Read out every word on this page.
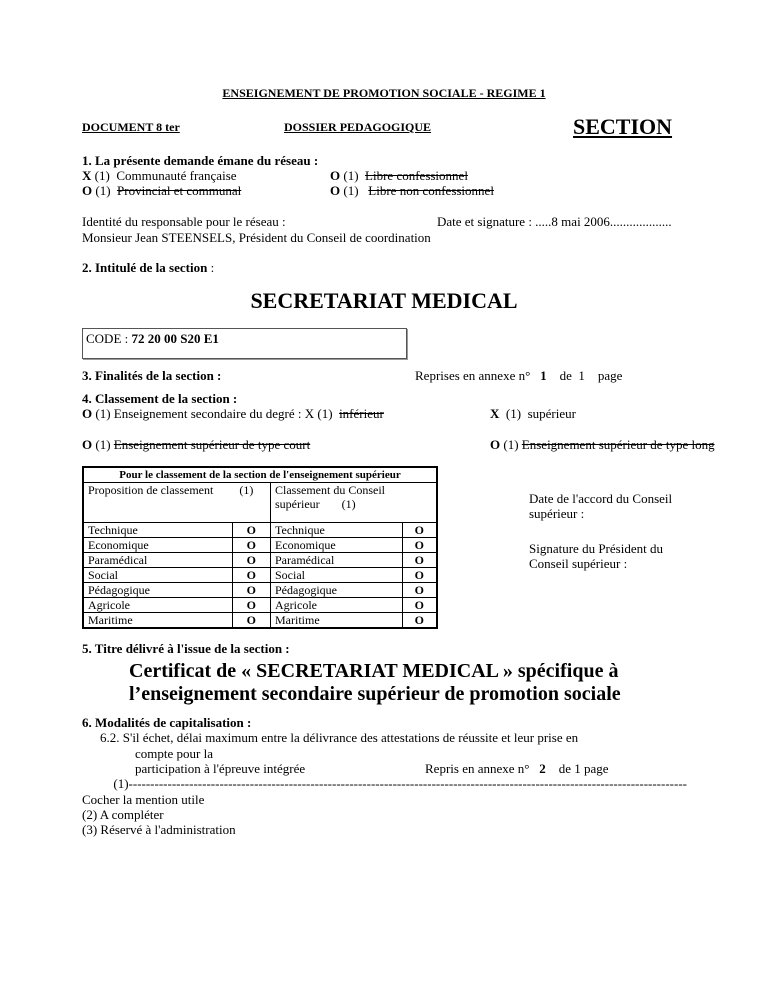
ENSEIGNEMENT DE PROMOTION SOCIALE - REGIME 1
DOCUMENT 8 ter	DOSSIER PEDAGOGIQUE	SECTION
1. La présente demande émane du réseau :
X (1) Communauté française
O (1) Provincial et communal
O (1) Libre confessionnel
O (1) Libre non confessionnel
Identité du responsable pour le réseau :	Date et signature : .....8 mai 2006...................
Monsieur Jean STEENSELS, Président du Conseil de coordination
2. Intitulé de la section :
SECRETARIAT MEDICAL
CODE : 72 20 00 S20 E1
3. Finalités de la section :	Reprises en annexe n° 1 de 1 page
4. Classement de la section :
O (1) Enseignement secondaire du degré : X (1) inférieur	X (1) supérieur
O (1) Enseignement supérieur de type court	O (1) Enseignement supérieur de type long
Pour le classement de la section de l'enseignement supérieur			
Proposition de classement (1)		Classement du Conseil supérieur (1)	
Technique	O	Technique	O
Economique	O	Economique	O
Paramédical	O	Paramédical	O
Social	O	Social	O
Pédagogique	O	Pédagogique	O
Agricole	O	Agricole	O
Maritime	O	Maritime	O
Date de l'accord du Conseil
supérieur :
Signature du Président du
Conseil supérieur :
5. Titre délivré à l'issue de la section :
Certificat de « SECRETARIAT MEDICAL » spécifique à
l’enseignement secondaire supérieur de promotion sociale
6. Modalités de capitalisation :
6.2. S'il échet, délai maximum entre la délivrance des attestations de réussite et leur prise en
compte pour la
participation à l'épreuve intégrée	Repris en annexe n° 2 de 1 page
---------------------------------------------------------------------------------------------------------------------------------(1)
Cocher la mention utile
(2) A compléter
(3) Réservé à l'administration
